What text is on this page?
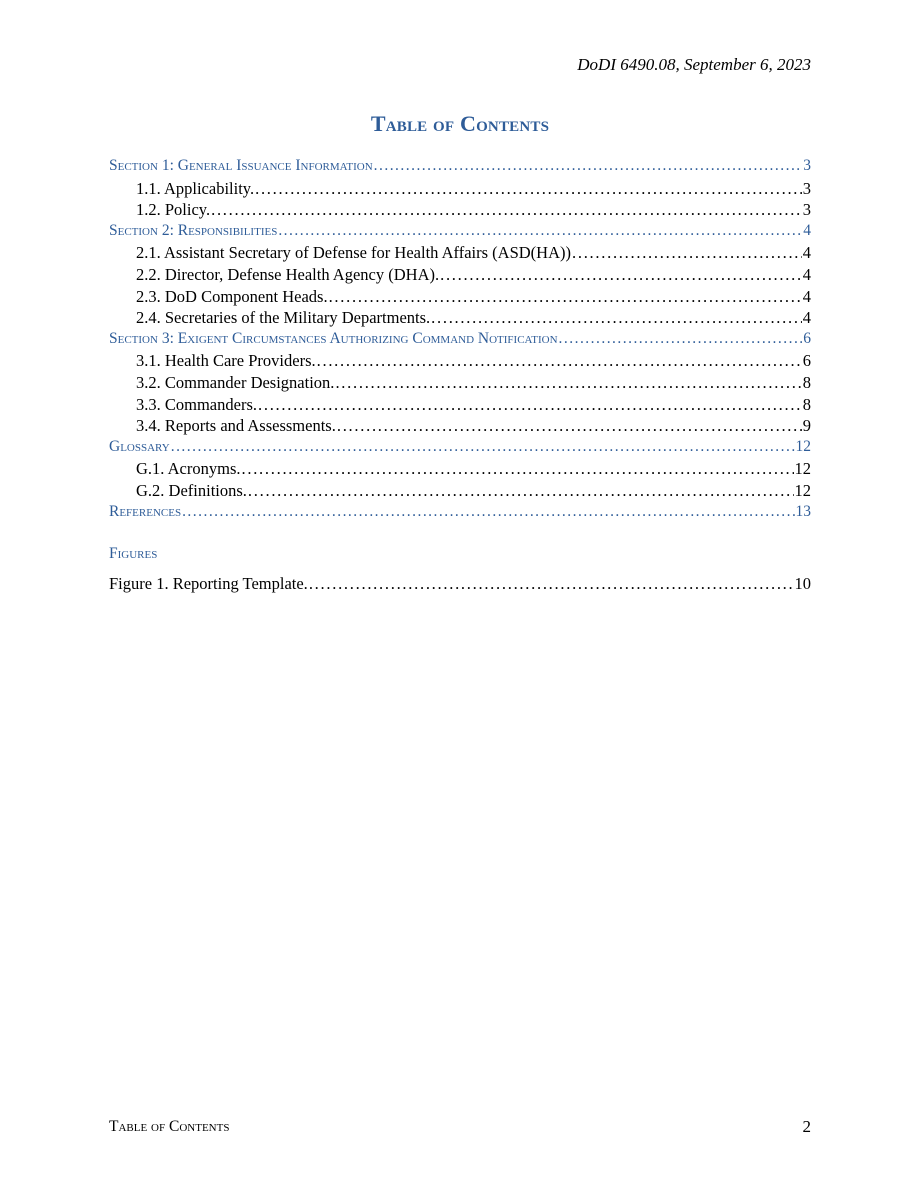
DoDI 6490.08, September 6, 2023
Table of Contents
Section 1: General Issuance Information . . .	3
1.1. Applicability. . . .	3
1.2. Policy. . . .	3
Section 2: Responsibilities . . .	4
2.1. Assistant Secretary of Defense for Health Affairs (ASD(HA)) . . .	4
2.2. Director, Defense Health Agency (DHA). . . .	4
2.3. DoD Component Heads. . . .	4
2.4. Secretaries of the Military Departments. . . .	4
Section 3: Exigent Circumstances Authorizing Command Notification . . .	6
3.1. Health Care Providers. . . .	6
3.2. Commander Designation. . . .	8
3.3. Commanders. . . .	8
3.4. Reports and Assessments. . . .	9
Glossary . . .	12
G.1. Acronyms. . . .	12
G.2. Definitions. . . .	12
References . . .	13
Figures
Figure 1. Reporting Template. . . .	10
Table of Contents	2
